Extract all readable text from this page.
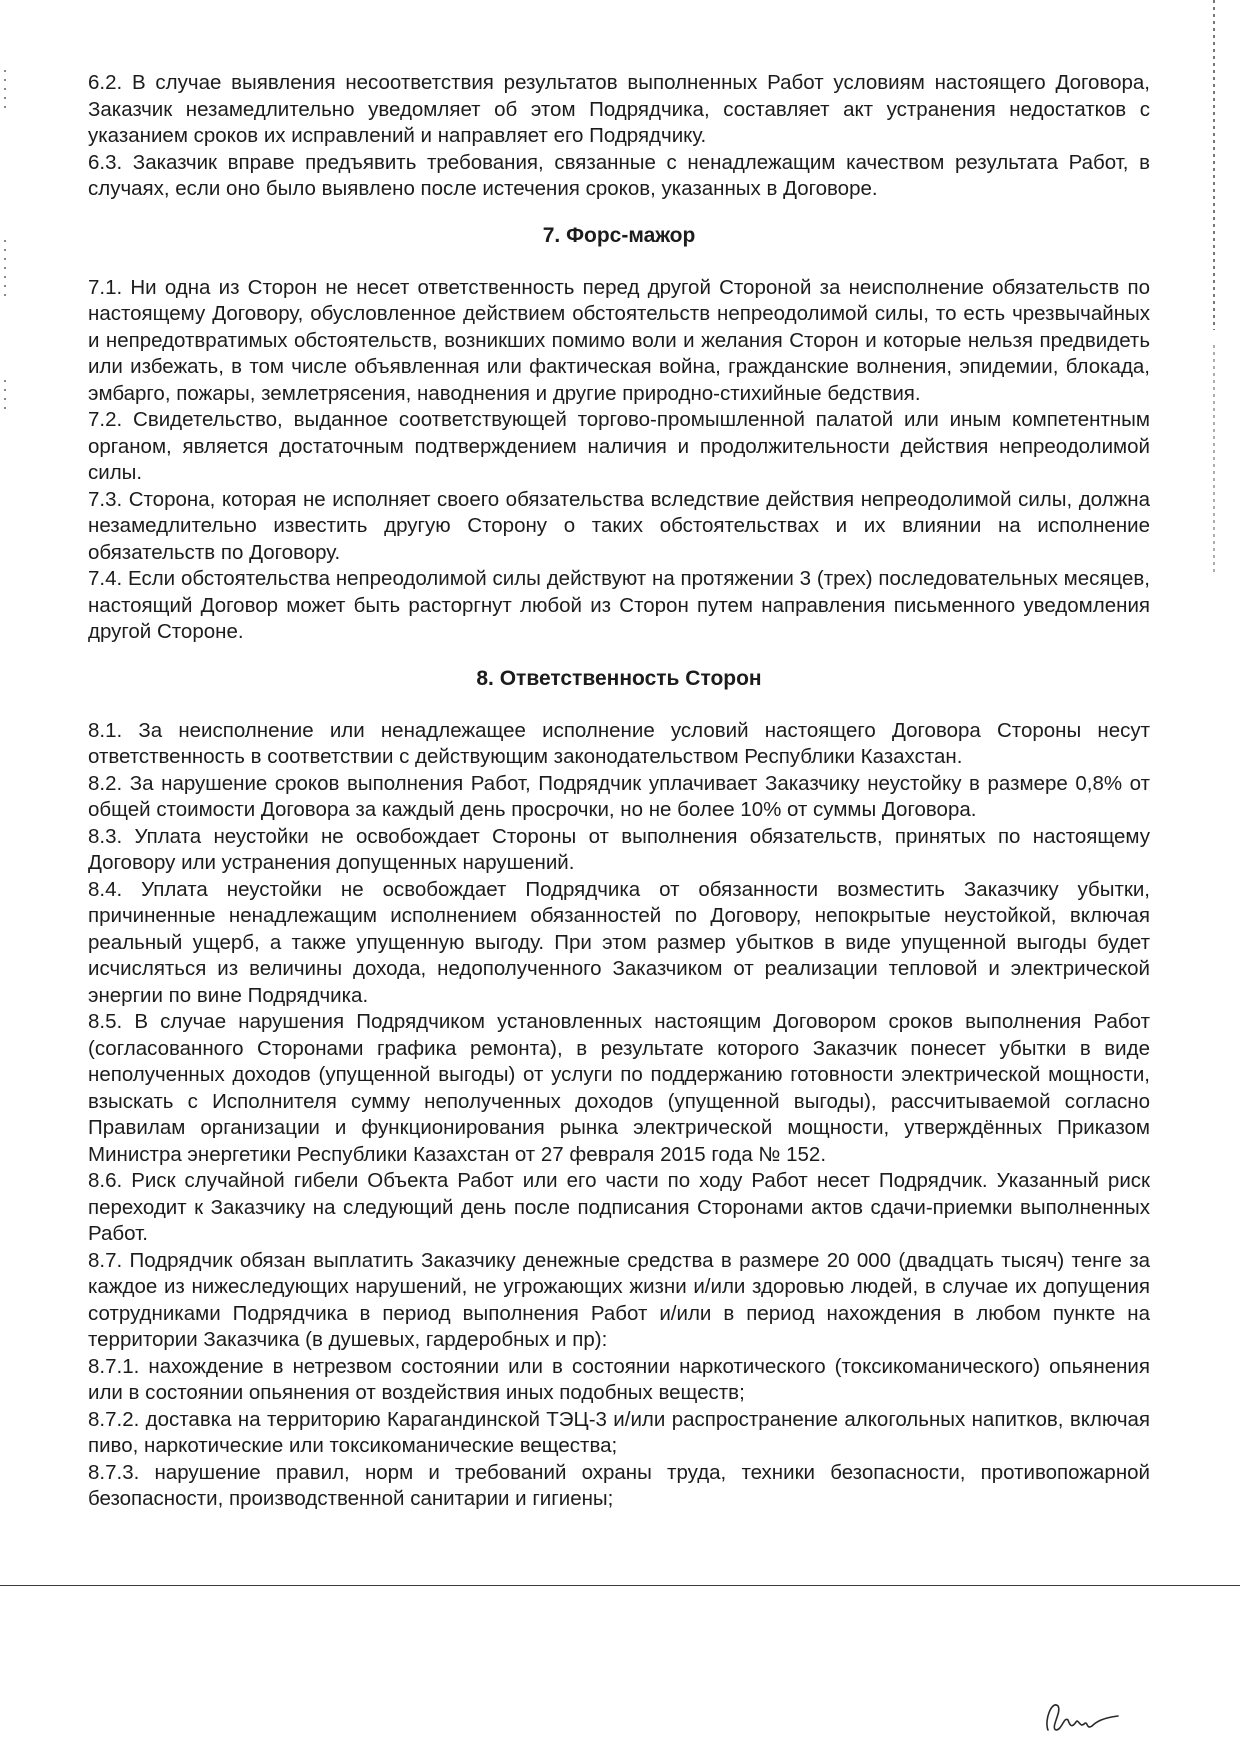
6.2. В случае выявления несоответствия результатов выполненных Работ условиям настоящего Договора, Заказчик незамедлительно уведомляет об этом Подрядчика, составляет акт устранения недостатков с указанием сроков их исправлений и направляет его Подрядчику.

6.3. Заказчик вправе предъявить требования, связанные с ненадлежащим качеством результата Работ, в случаях, если оно было выявлено после истечения сроков, указанных в Договоре.

7. Форс-мажор

7.1. Ни одна из Сторон не несет ответственность перед другой Стороной за неисполнение обязательств по настоящему Договору, обусловленное действием обстоятельств непреодолимой силы, то есть чрезвычайных и непредотвратимых обстоятельств, возникших помимо воли и желания Сторон и которые нельзя предвидеть или избежать, в том числе объявленная или фактическая война, гражданские волнения, эпидемии, блокада, эмбарго, пожары, землетрясения, наводнения и другие природно-стихийные бедствия.

7.2. Свидетельство, выданное соответствующей торгово-промышленной палатой или иным компетентным органом, является достаточным подтверждением наличия и продолжительности действия непреодолимой силы.

7.3. Сторона, которая не исполняет своего обязательства вследствие действия непреодолимой силы, должна незамедлительно известить другую Сторону о таких обстоятельствах и их влиянии на исполнение обязательств по Договору.

7.4. Если обстоятельства непреодолимой силы действуют на протяжении 3 (трех) последовательных месяцев, настоящий Договор может быть расторгнут любой из Сторон путем направления письменного уведомления другой Стороне.

8. Ответственность Сторон

8.1. За неисполнение или ненадлежащее исполнение условий настоящего Договора Стороны несут ответственность в соответствии с действующим законодательством Республики Казахстан.

8.2. За нарушение сроков выполнения Работ, Подрядчик уплачивает Заказчику неустойку в размере 0,8% от общей стоимости Договора за каждый день просрочки, но не более 10% от суммы Договора.

8.3. Уплата неустойки не освобождает Стороны от выполнения обязательств, принятых по настоящему Договору или устранения допущенных нарушений.

8.4. Уплата неустойки не освобождает Подрядчика от обязанности возместить Заказчику убытки, причиненные ненадлежащим исполнением обязанностей по Договору, непокрытые неустойкой, включая реальный ущерб, а также упущенную выгоду. При этом размер убытков в виде упущенной выгоды будет исчисляться из величины дохода, недополученного Заказчиком от реализации тепловой и электрической энергии по вине Подрядчика.

8.5. В случае нарушения Подрядчиком установленных настоящим Договором сроков выполнения Работ (согласованного Сторонами графика ремонта), в результате которого Заказчик понесет убытки в виде неполученных доходов (упущенной выгоды) от услуги по поддержанию готовности электрической мощности, взыскать с Исполнителя сумму неполученных доходов (упущенной выгоды), рассчитываемой согласно Правилам организации и функционирования рынка электрической мощности, утверждённых Приказом Министра энергетики Республики Казахстан от 27 февраля 2015 года № 152.

8.6. Риск случайной гибели Объекта Работ или его части по ходу Работ несет Подрядчик. Указанный риск переходит к Заказчику на следующий день после подписания Сторонами актов сдачи-приемки выполненных Работ.

8.7. Подрядчик обязан выплатить Заказчику денежные средства в размере 20 000 (двадцать тысяч) тенге за каждое из нижеследующих нарушений, не угрожающих жизни и/или здоровью людей, в случае их допущения сотрудниками Подрядчика в период выполнения Работ и/или в период нахождения в любом пункте на территории Заказчика (в душевых, гардеробных и пр):

8.7.1. нахождение в нетрезвом состоянии или в состоянии наркотического (токсикоманического) опьянения или в состоянии опьянения от воздействия иных подобных веществ;

8.7.2. доставка на территорию Карагандинской ТЭЦ-3 и/или распространение алкогольных напитков, включая пиво, наркотические или токсикоманические вещества;

8.7.3. нарушение правил, норм и требований охраны труда, техники безопасности, противопожарной безопасности, производственной санитарии и гигиены;
